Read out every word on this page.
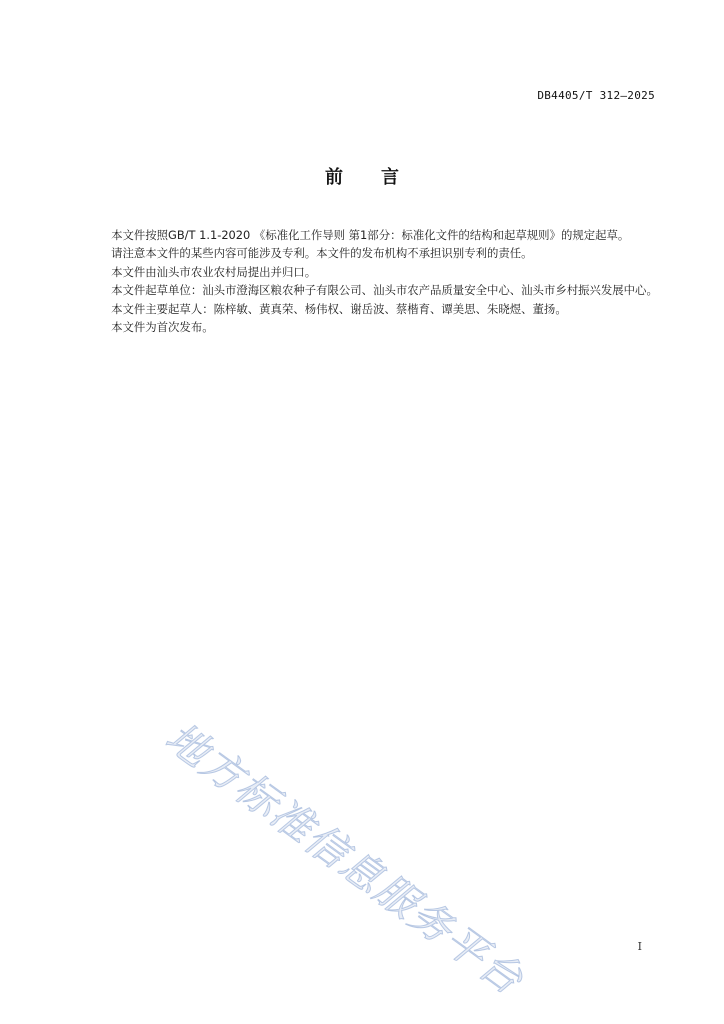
DB4405/T 312—2025
前言

本文件按照GB/T 1.1-2020 《标准化工作导则 第1部分：标准化文件的结构和起草规则》的规定起草。

请注意本文件的某些内容可能涉及专利。本文件的发布机构不承担识别专利的责任。

本文件由汕头市农业农村局提出并归口。

本文件起草单位：汕头市澄海区粮农种子有限公司、汕头市农产品质量安全中心、汕头市乡村振兴发展中心。

本文件主要起草人：陈梓敏、黄真荣、杨伟权、谢岳波、蔡楷育、谭美思、朱晓煜、董扬。

本文件为首次发布。

地方标准信息服务平台	I
